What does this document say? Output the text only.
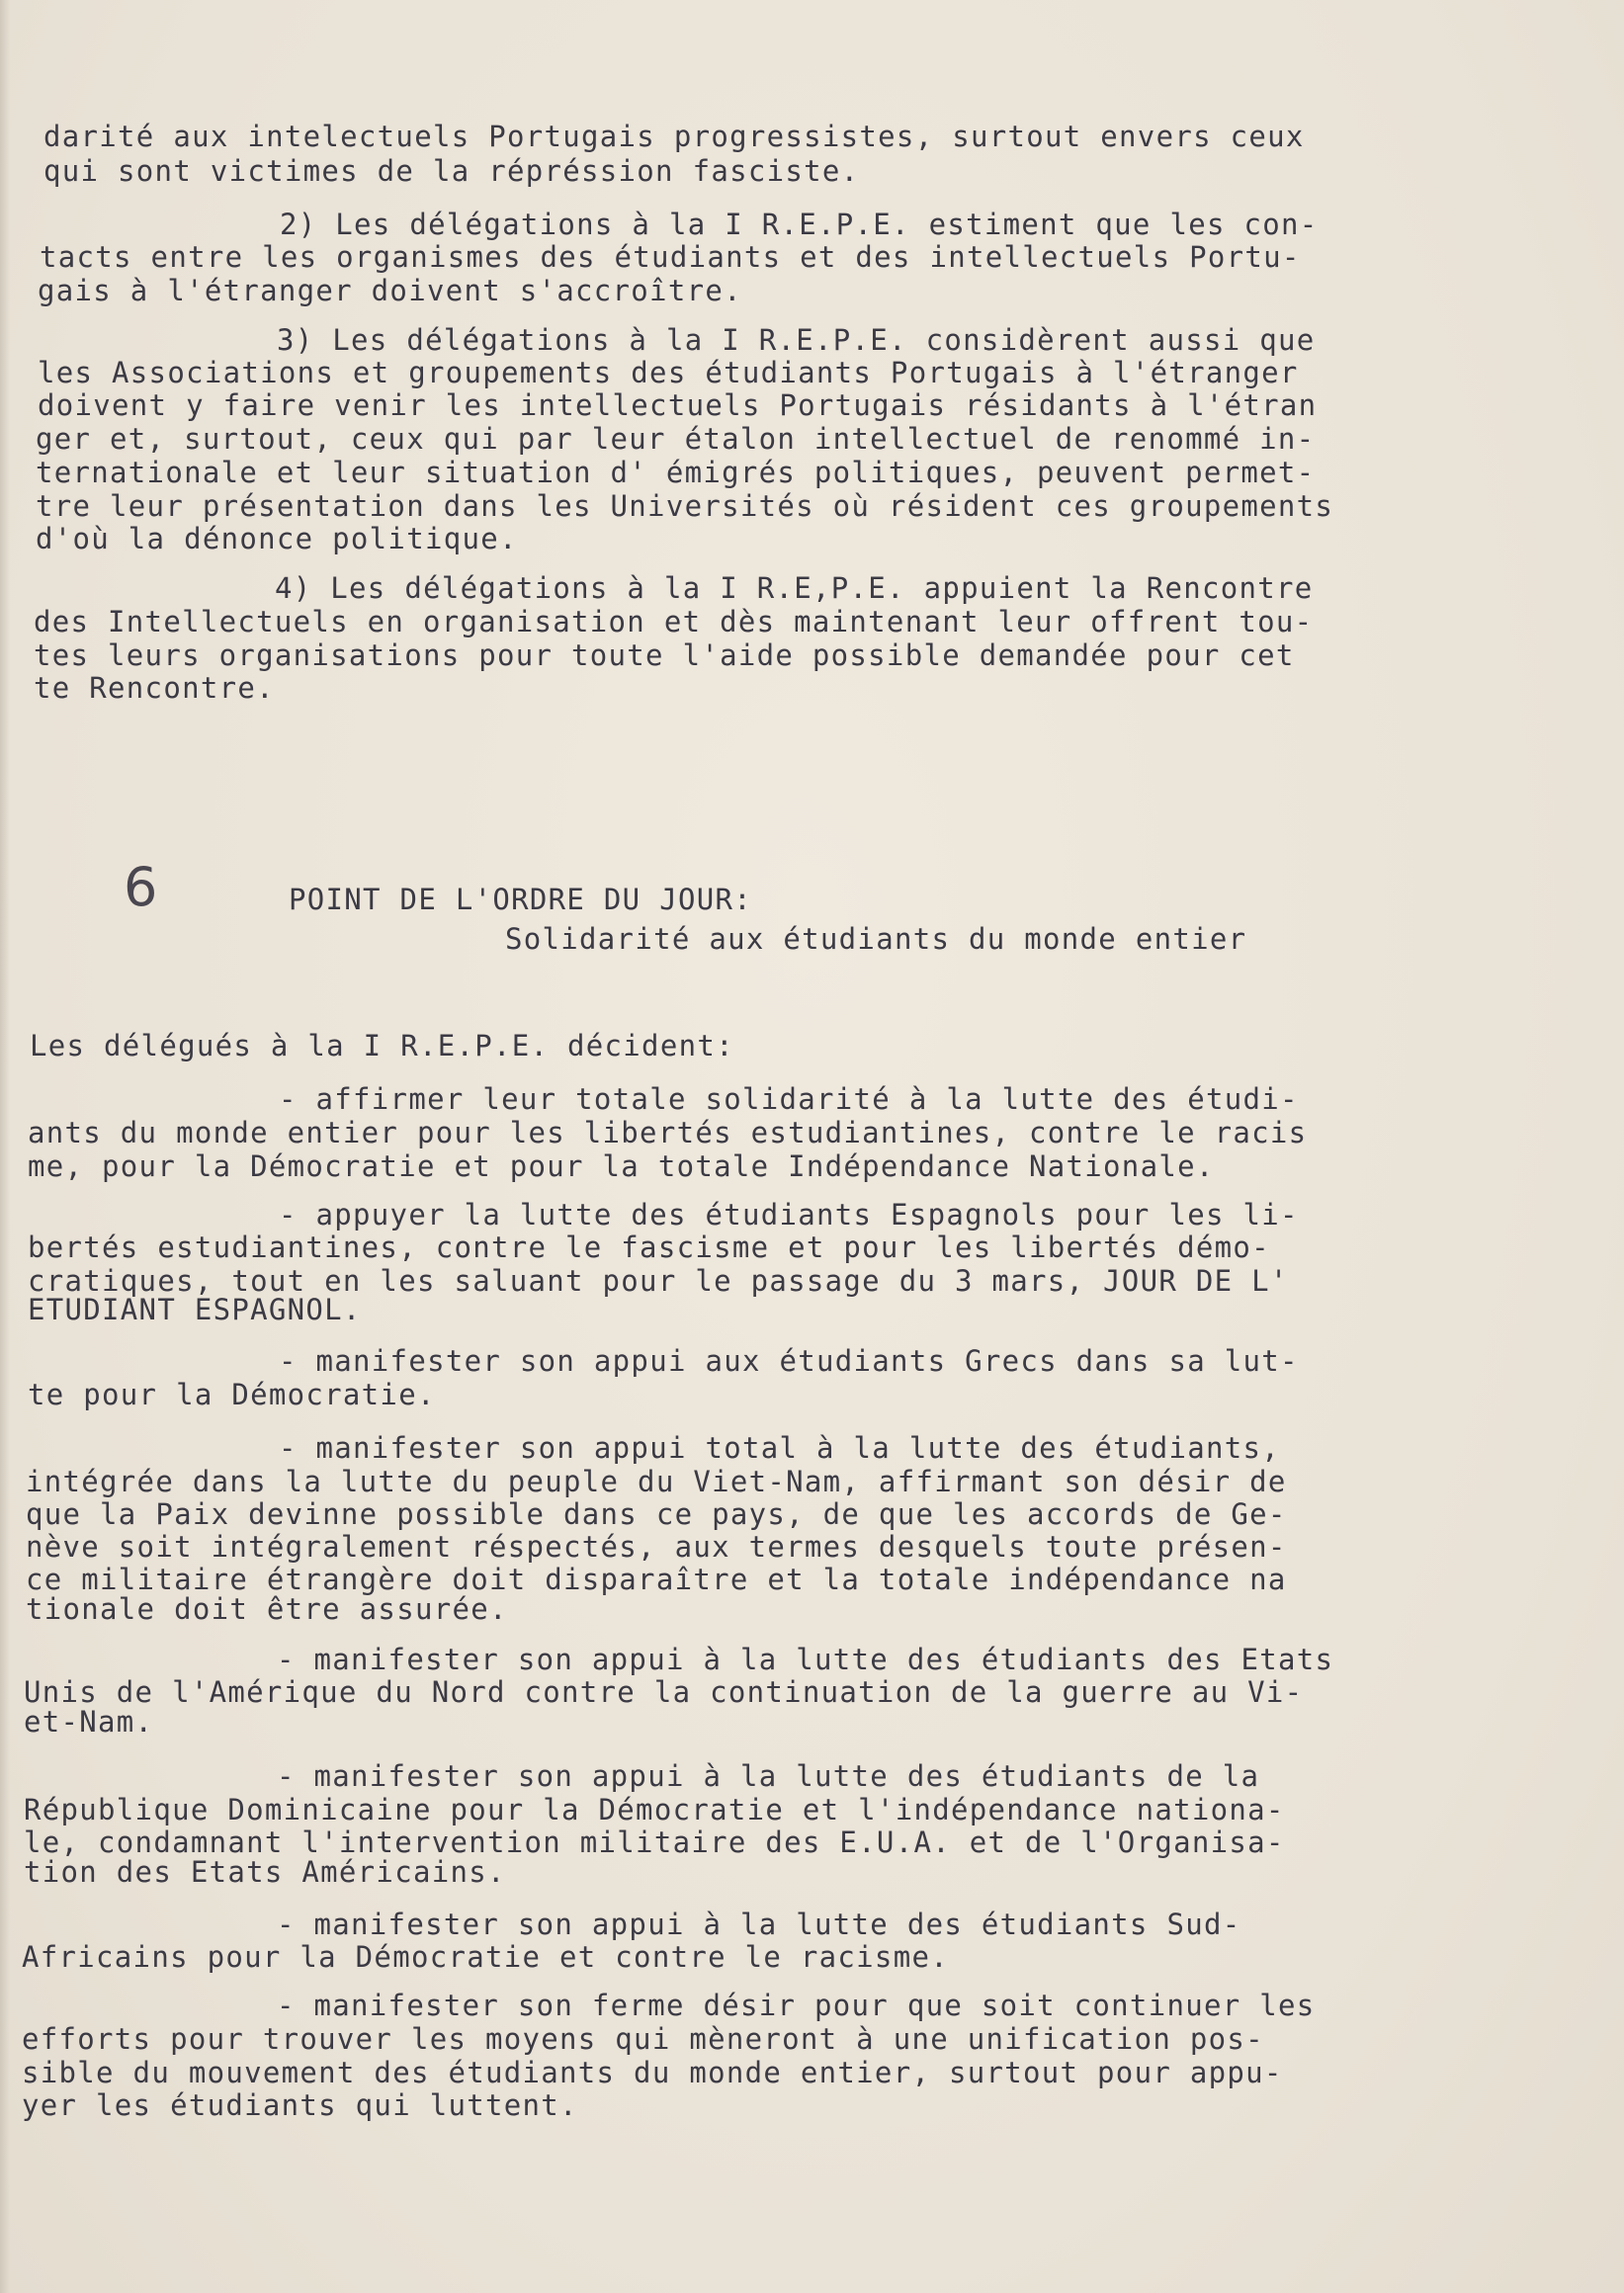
darité aux intelectuels Portugais progressistes, surtout envers ceux

qui sont victimes de la répréssion fasciste.

2) Les délégations à la I R.E.P.E. estiment que les con-

tacts entre les organismes des étudiants et des intellectuels Portu-

gais à l'étranger doivent s'accroître.

3) Les délégations à la I R.E.P.E. considèrent aussi que

les Associations et groupements des étudiants Portugais à l'étranger

doivent y faire venir les intellectuels Portugais résidants à l'étran

ger et, surtout, ceux qui par leur étalon intellectuel de renommé in-

ternationale et leur situation d' émigrés politiques, peuvent permet-

tre leur présentation dans les Universités où résident ces groupements

d'où la dénonce politique.

4) Les délégations à la I R.E,P.E. appuient la Rencontre

des Intellectuels en organisation et dès maintenant leur offrent tou-

tes leurs organisations pour toute l'aide possible demandée pour cet

te Rencontre.

6	POINT DE L'ORDRE DU JOUR:
Solidarité aux étudiants du monde entier

Les délégués à la I R.E.P.E. décident:

- affirmer leur totale solidarité à la lutte des étudi-

ants du monde entier pour les libertés estudiantines, contre le racis

me, pour la Démocratie et pour la totale Indépendance Nationale.

- appuyer la lutte des étudiants Espagnols pour les li-

bertés estudiantines, contre le fascisme et pour les libertés démo-

cratiques, tout en les saluant pour le passage du 3 mars, JOUR DE L'

ETUDIANT ESPAGNOL.

- manifester son appui aux étudiants Grecs dans sa lut-

te pour la Démocratie.

- manifester son appui total à la lutte des étudiants,

intégrée dans la lutte du peuple du Viet-Nam, affirmant son désir de

que la Paix devinne possible dans ce pays, de que les accords de Ge-

nève soit intégralement réspectés, aux termes desquels toute présen-

ce militaire étrangère doit disparaître et la totale indépendance na

tionale doit être assurée.

- manifester son appui à la lutte des étudiants des Etats

Unis de l'Amérique du Nord contre la continuation de la guerre au Vi-

et-Nam.

- manifester son appui à la lutte des étudiants de la

République Dominicaine pour la Démocratie et l'indépendance nationa-

le, condamnant l'intervention militaire des E.U.A. et de l'Organisa-

tion des Etats Américains.

- manifester son appui à la lutte des étudiants Sud-

Africains pour la Démocratie et contre le racisme.

- manifester son ferme désir pour que soit continuer les

efforts pour trouver les moyens qui mèneront à une unification pos-

sible du mouvement des étudiants du monde entier, surtout pour appu-

yer les étudiants qui luttent.
